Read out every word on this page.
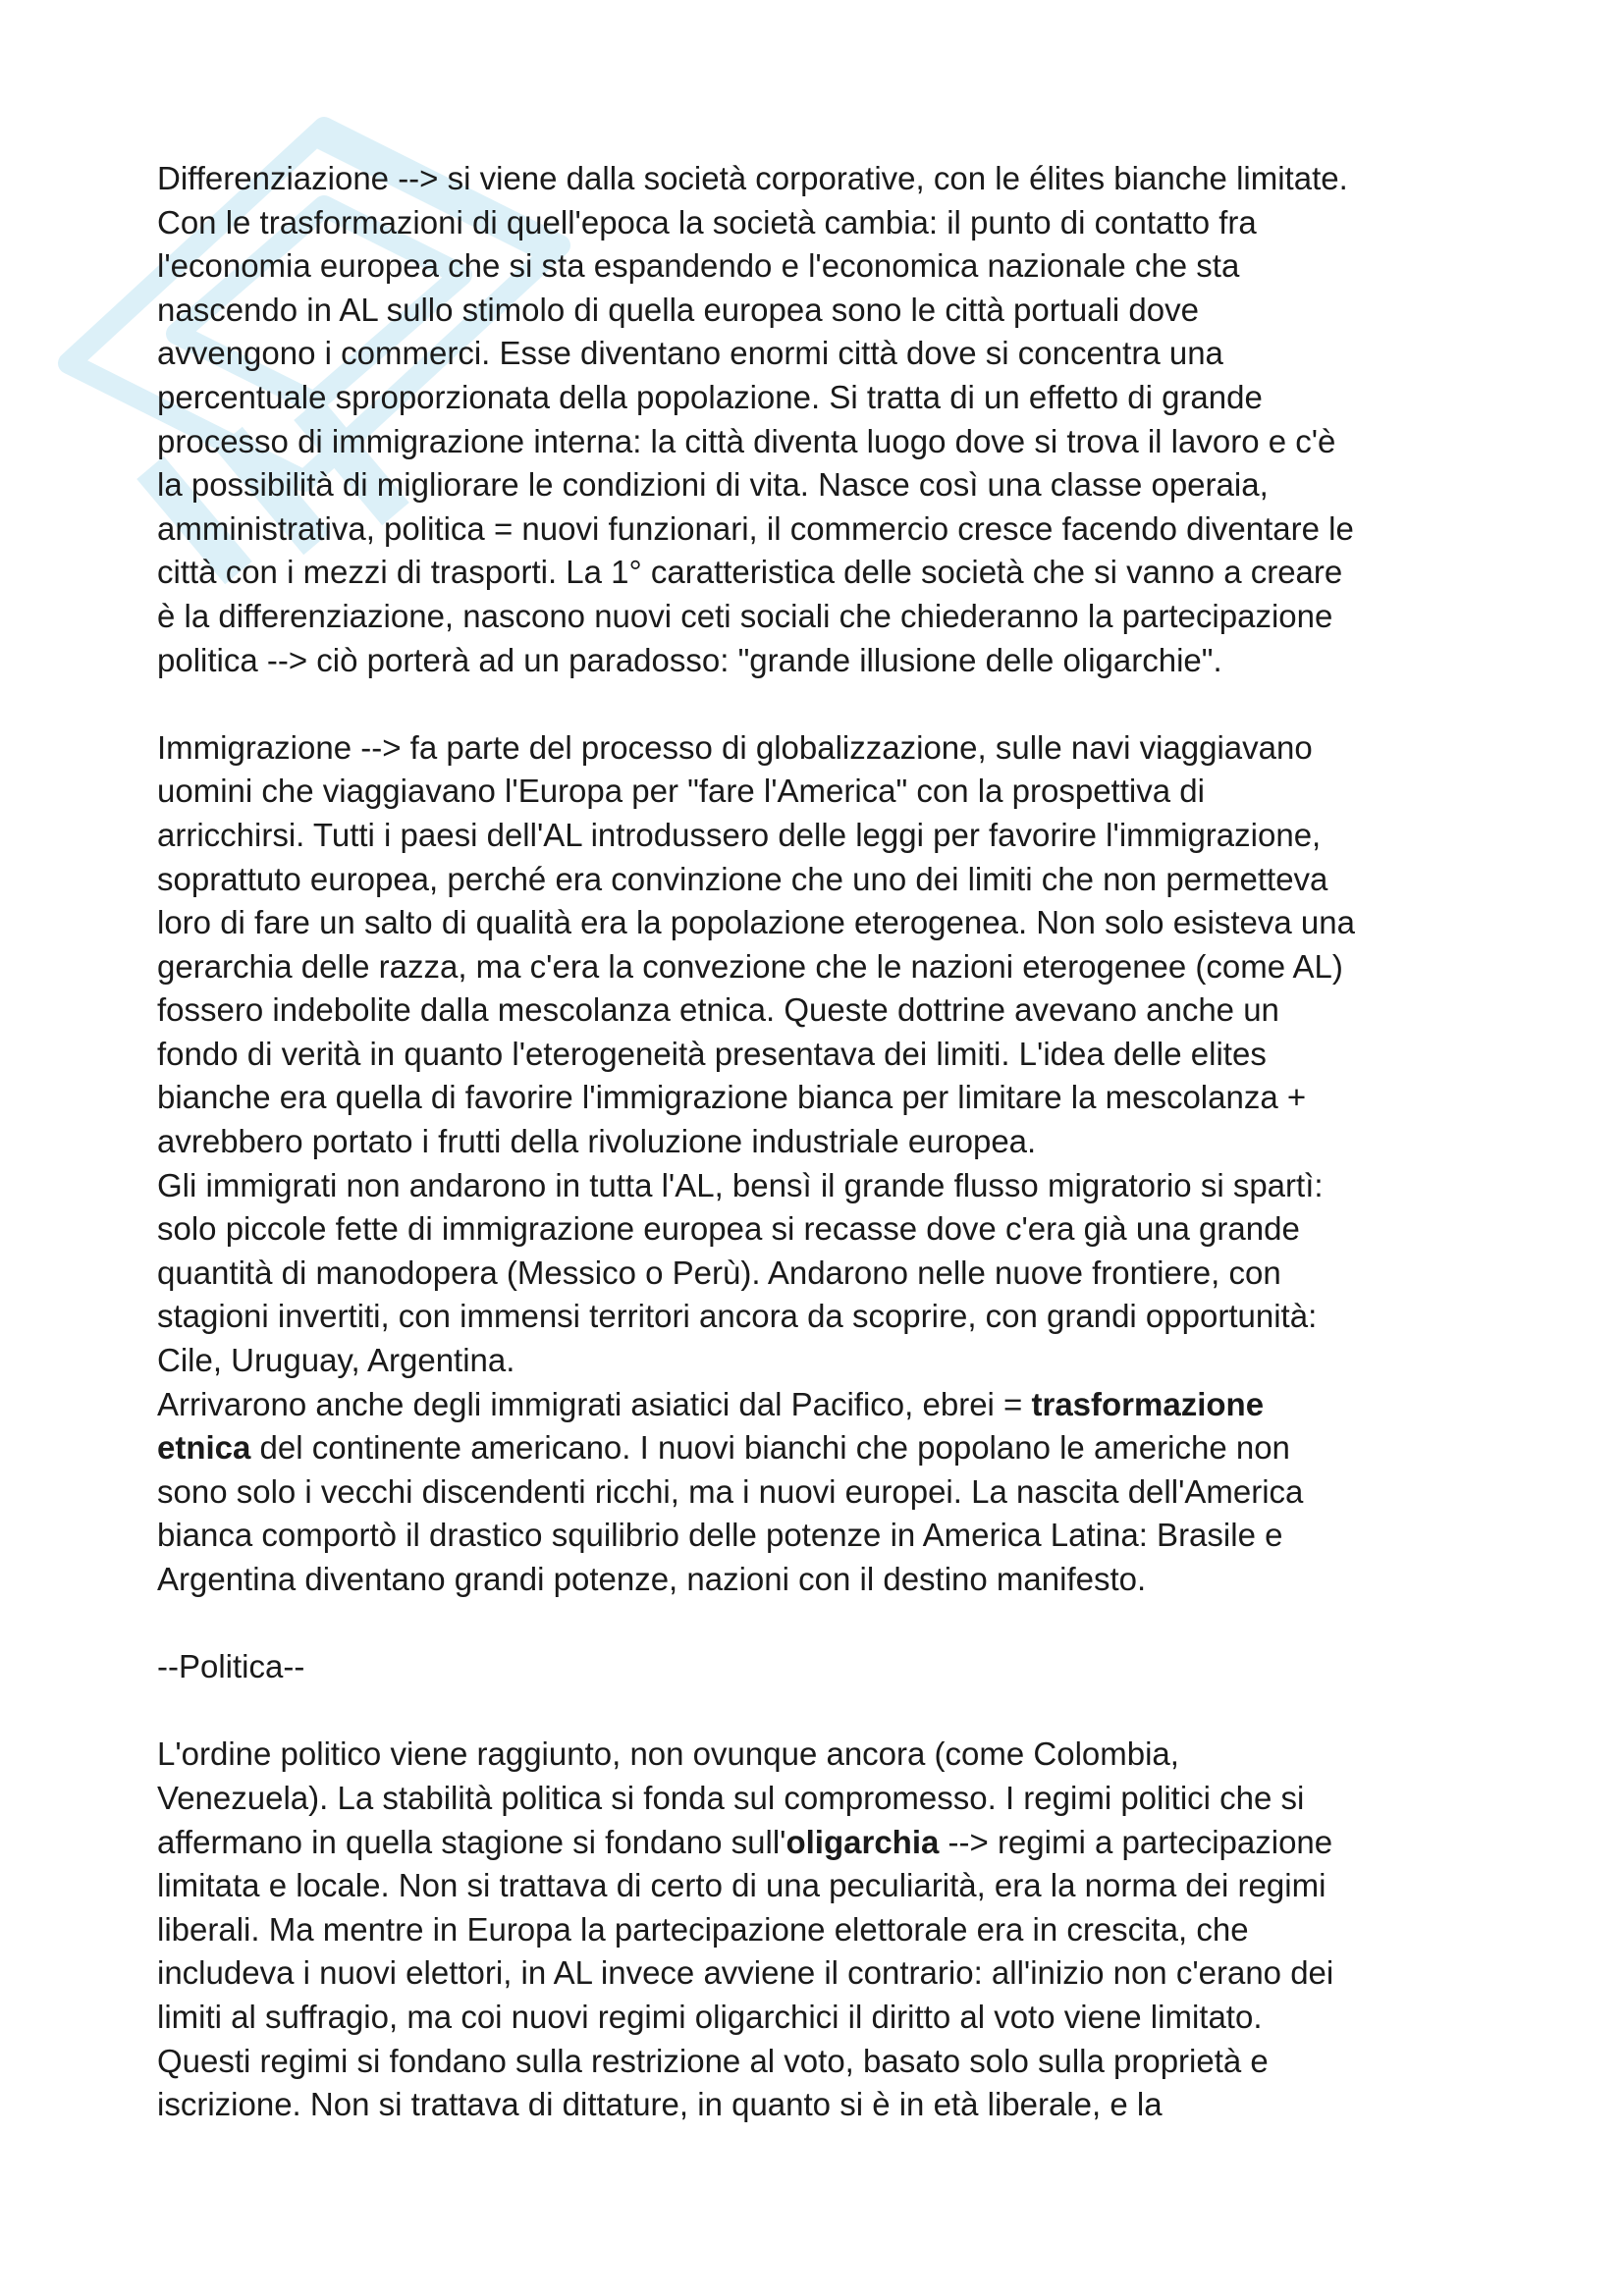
Differenziazione --> si viene dalla società corporative, con le élites bianche limitate.
Con le trasformazioni di quell'epoca la società cambia: il punto di contatto fra
l'economia europea che si sta espandendo e l'economica nazionale che sta
nascendo in AL sullo stimolo di quella europea sono le città portuali dove
avvengono i commerci. Esse diventano enormi città dove si concentra una
percentuale sproporzionata della popolazione. Si tratta di un effetto di grande
processo di immigrazione interna: la città diventa luogo dove si trova il lavoro e c'è
la possibilità di migliorare le condizioni di vita. Nasce così una classe operaia,
amministrativa, politica = nuovi funzionari, il commercio cresce facendo diventare le
città con i mezzi di trasporti. La 1° caratteristica delle società che si vanno a creare
è la differenziazione, nascono nuovi ceti sociali che chiederanno la partecipazione
politica --> ciò porterà ad un paradosso: "grande illusione delle oligarchie".

Immigrazione --> fa parte del processo di globalizzazione, sulle navi viaggiavano
uomini che viaggiavano l'Europa per "fare l'America" con la prospettiva di
arricchirsi. Tutti i paesi dell'AL introdussero delle leggi per favorire l'immigrazione,
soprattuto europea, perché era convinzione che uno dei limiti che non permetteva
loro di fare un salto di qualità era la popolazione eterogenea. Non solo esisteva una
gerarchia delle razza, ma c'era la convezione che le nazioni eterogenee (come AL)
fossero indebolite dalla mescolanza etnica. Queste dottrine avevano anche un
fondo di verità in quanto l'eterogeneità presentava dei limiti. L'idea delle elites
bianche era quella di favorire l'immigrazione bianca per limitare la mescolanza +
avrebbero portato i frutti della rivoluzione industriale europea.
Gli immigrati non andarono in tutta l'AL, bensì il grande flusso migratorio si spartì:
solo piccole fette di immigrazione europea si recasse dove c'era già una grande
quantità di manodopera (Messico o Perù). Andarono nelle nuove frontiere, con
stagioni invertiti, con immensi territori ancora da scoprire, con grandi opportunità:
Cile, Uruguay, Argentina.
Arrivarono anche degli immigrati asiatici dal Pacifico, ebrei = trasformazione
etnica del continente americano. I nuovi bianchi che popolano le americhe non
sono solo i vecchi discendenti ricchi, ma i nuovi europei. La nascita dell'America
bianca comportò il drastico squilibrio delle potenze in America Latina: Brasile e
Argentina diventano grandi potenze, nazioni con il destino manifesto.

--Politica--

L'ordine politico viene raggiunto, non ovunque ancora (come Colombia,
Venezuela). La stabilità politica si fonda sul compromesso. I regimi politici che si
affermano in quella stagione si fondano sull'oligarchia --> regimi a partecipazione
limitata e locale. Non si trattava di certo di una peculiarità, era la norma dei regimi
liberali. Ma mentre in Europa la partecipazione elettorale era in crescita, che
includeva i nuovi elettori, in AL invece avviene il contrario: all'inizio non c'erano dei
limiti al suffragio, ma coi nuovi regimi oligarchici il diritto al voto viene limitato.
Questi regimi si fondano sulla restrizione al voto, basato solo sulla proprietà e
iscrizione. Non si trattava di dittature, in quanto si è in età liberale, e la
